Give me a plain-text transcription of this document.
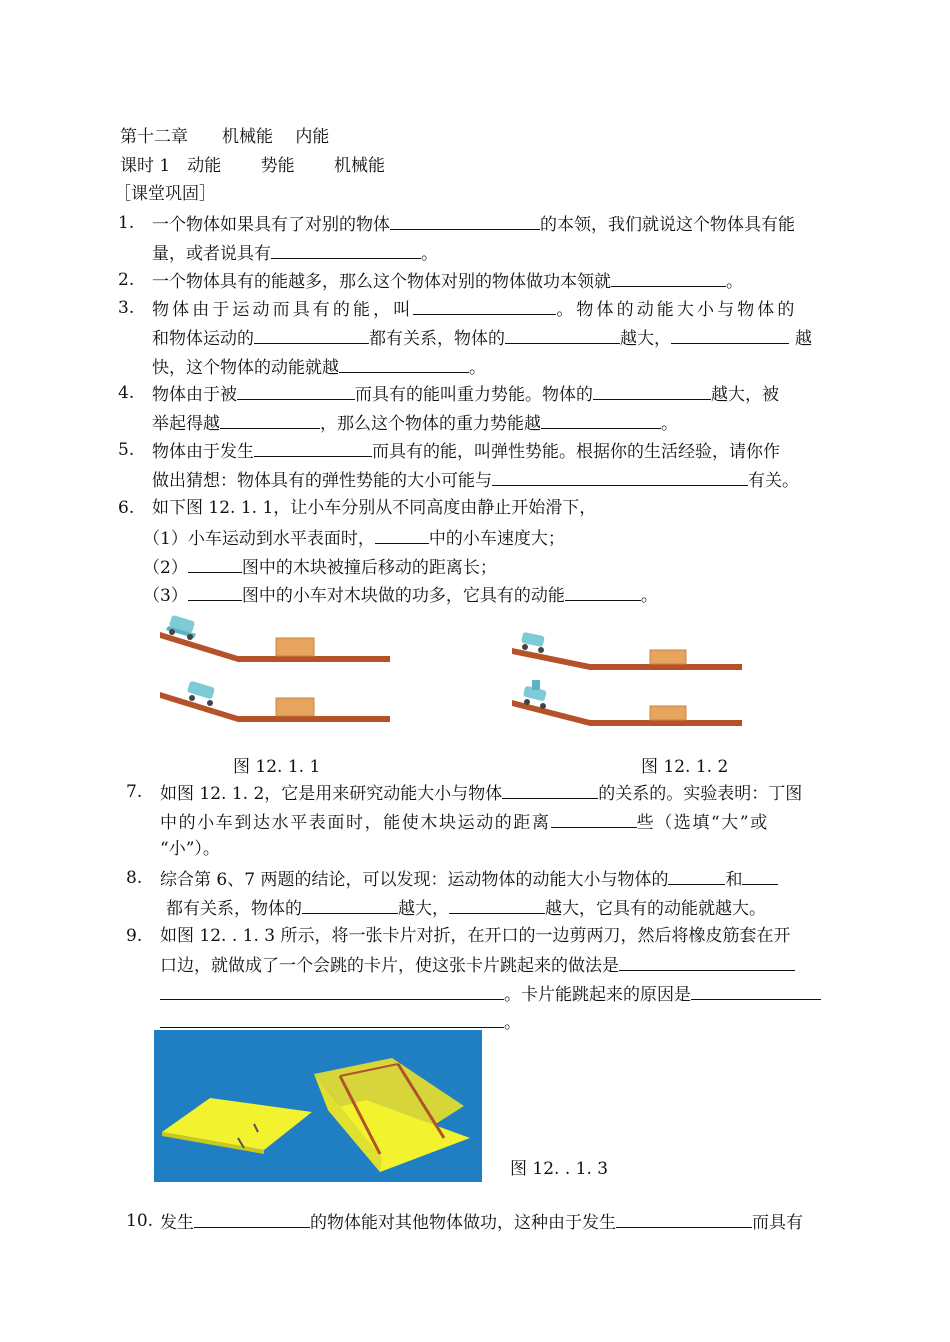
第十二章　　机械能　 内能
课时 1　动能　　 势能　　 机械能
［课堂巩固］
1. 一个物体如果具有了对别的物体	的本领，我们就说这个物体具有能
量，或者说具有	。
2. 一个物体具有的能越多，那么这个物体对别的物体做功本领就	。
3. 物体由于运动而具有的能，叫	。物体的动能大小与物体的
和物体运动的	都有关系，物体的	越大，	越
快，这个物体的动能就越	。
4. 物体由于被	而具有的能叫重力势能。物体的	越大，被
举起得越	，那么这个物体的重力势能越	。
5. 物体由于发生	而具有的能，叫弹性势能。根据你的生活经验，请你作
做出猜想：物体具有的弹性势能的大小可能与	有关。
6. 如下图 12. 1. 1，让小车分别从不同高度由静止开始滑下，
（1）小车运动到水平表面时，	中的小车速度大；
（2）	图中的木块被撞后移动的距离长；
（3）	图中的小车对木块做的功多，它具有的动能	。
图 12. 1. 1	图 12. 1. 2
7. 如图 12. 1. 2，它是用来研究动能大小与物体	的关系的。实验表明：丁图
中的小车到达水平表面时，能使木块运动的距离	些（选填“大”或
“小”）。
8. 综合第 6、7 两题的结论，可以发现：运动物体的动能大小与物体的	和
都有关系，物体的	越大，	越大，它具有的动能就越大。
9. 如图 12. . 1. 3 所示，将一张卡片对折，在开口的一边剪两刀，然后将橡皮筋套在开
口边，就做成了一个会跳的卡片，使这张卡片跳起来的做法是
。卡片能跳起来的原因是
。
图 12. . 1. 3
10. 发生	的物体能对其他物体做功，这种由于发生	而具有
